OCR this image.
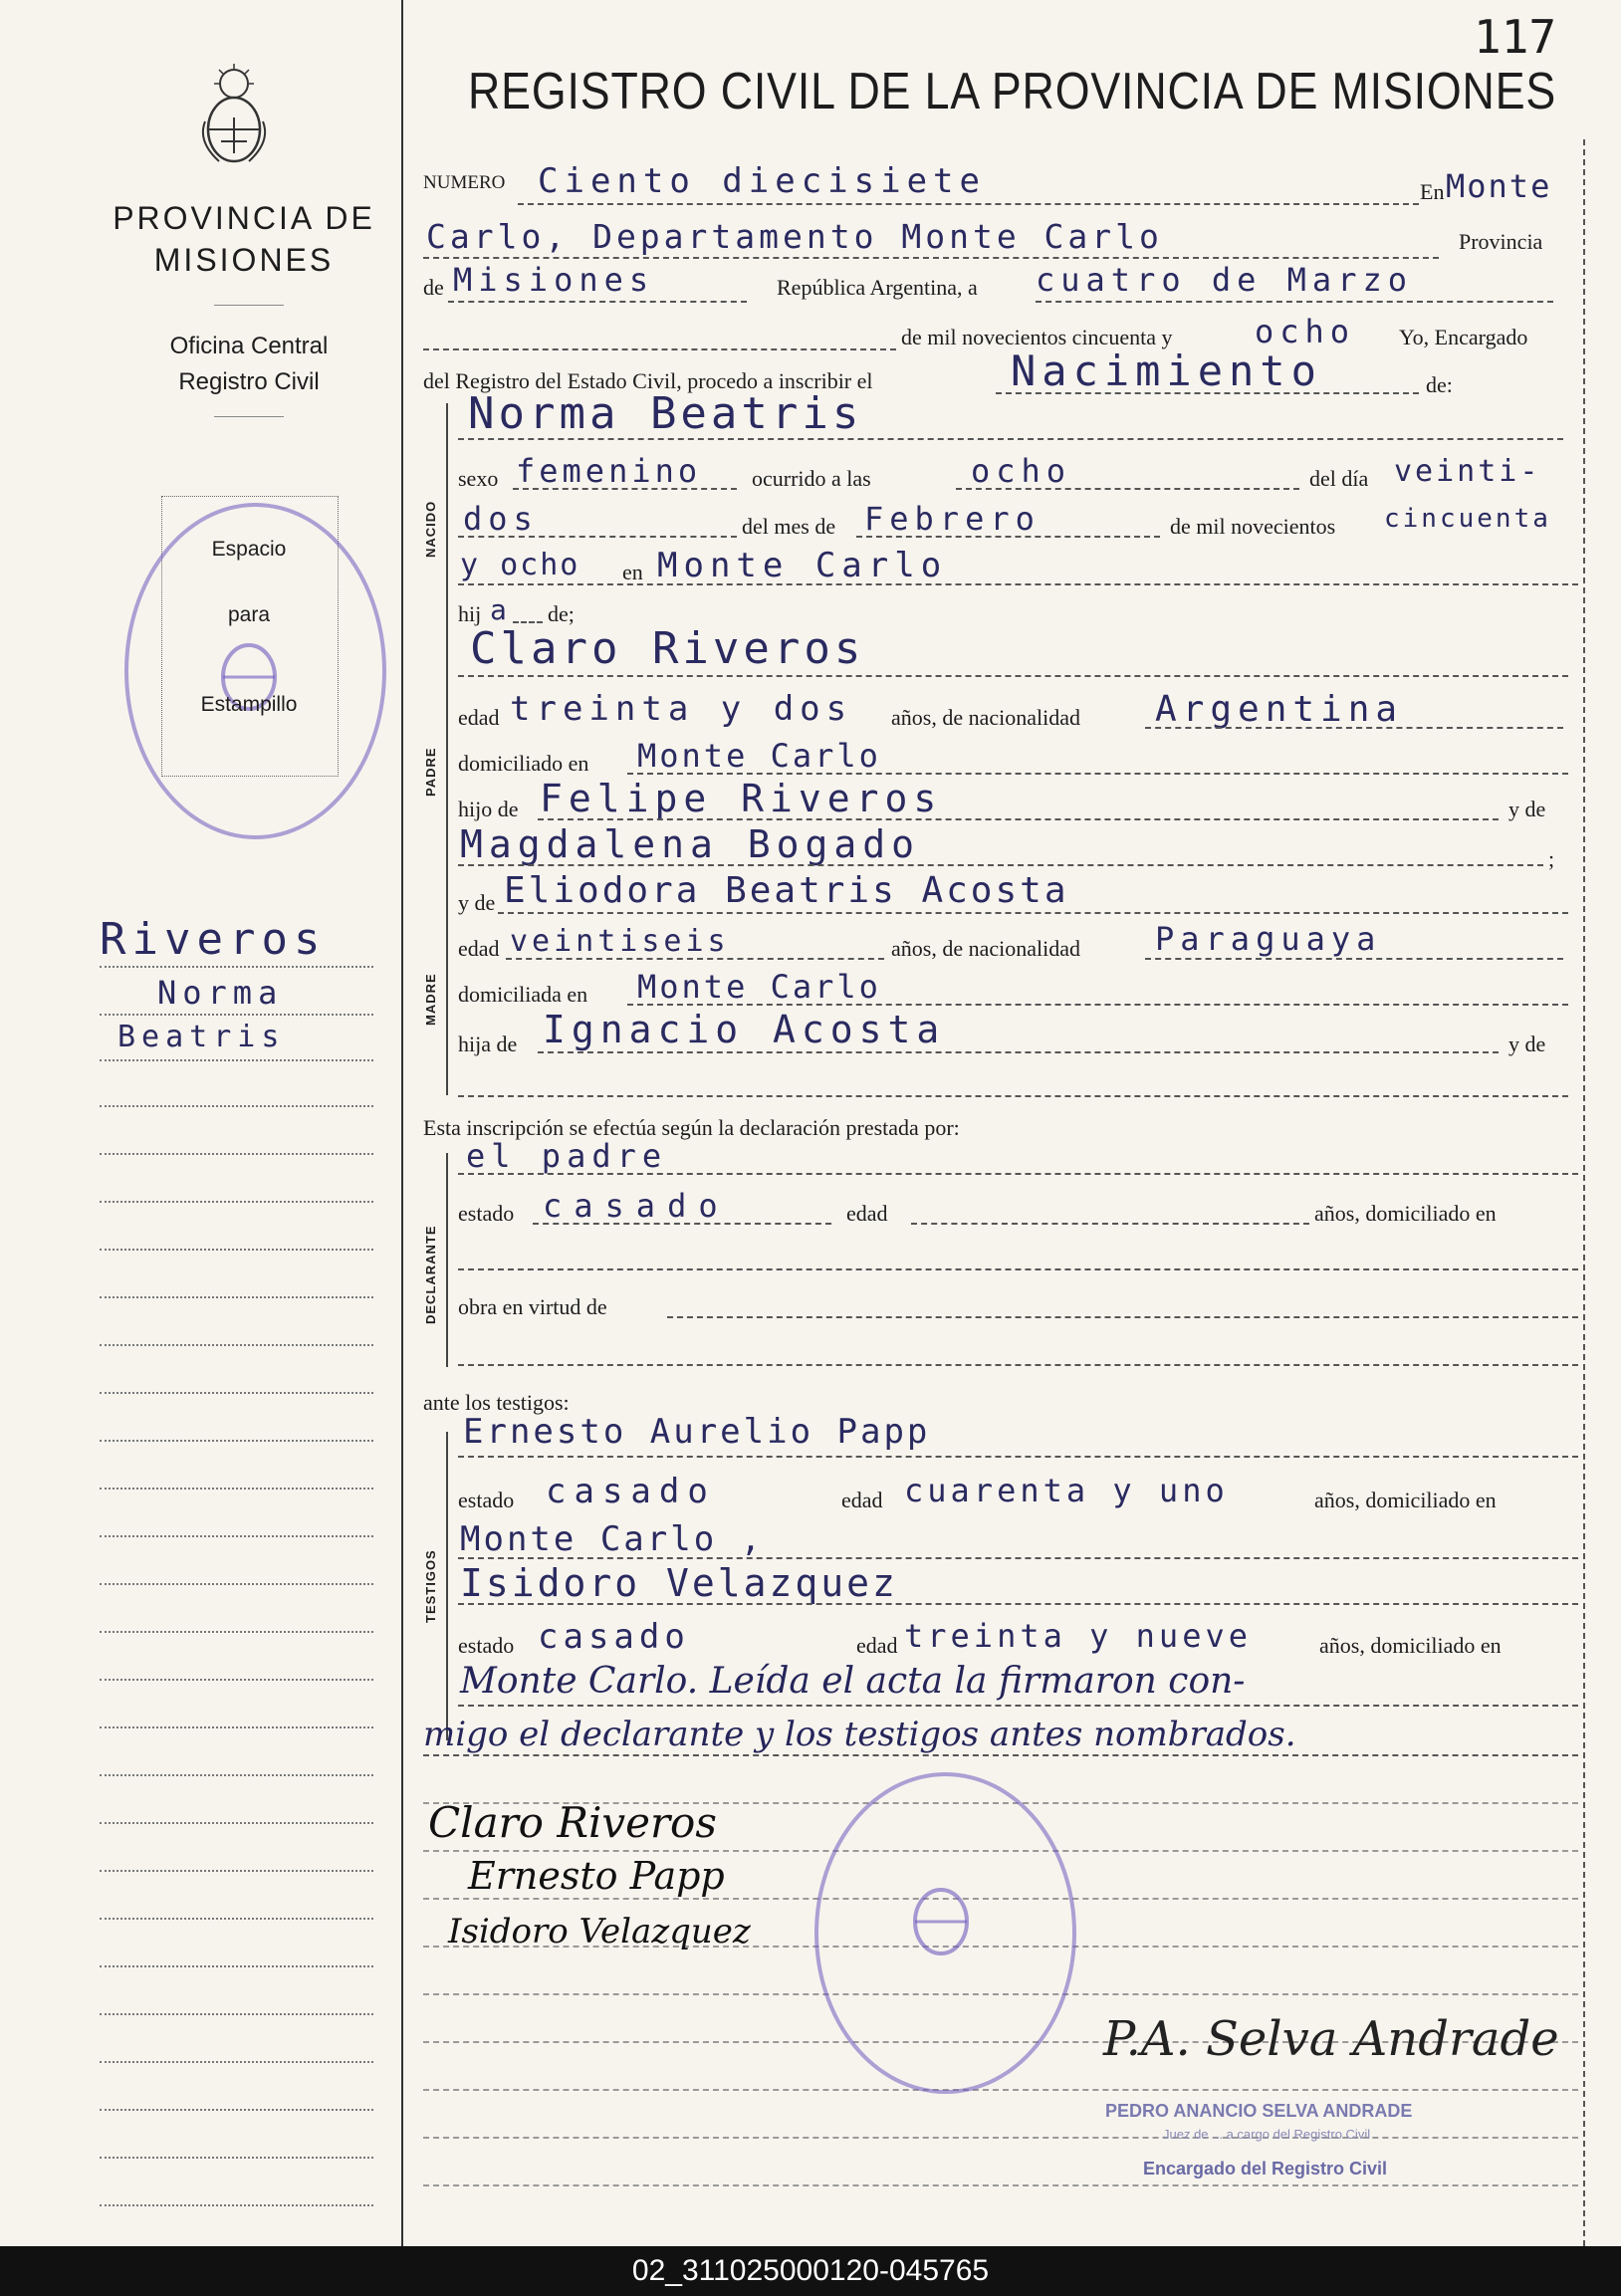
PROVINCIA DE MISIONES
Oficina Central
Registro Civil
Espacio
para
Estampillo
Riveros
Norma
Beatris
117
REGISTRO CIVIL DE LA PROVINCIA DE MISIONES
NUMERO Ciento diecisiete	En Monte
Carlo, Departamento Monte Carlo	Provincia
de Misiones	República Argentina, a cuatro de Marzo
de mil novecientos cincuenta y	ocho Yo, Encargado
del Registro del Estado Civil, procedo a inscribir el	Nacimiento	de:
NACIDO
Norma Beatris
sexo femenino ocurrido a las	ocho	del día veinti-
dos	del mes de Febrero	de mil novecientos cincuenta
y ocho en Monte Carlo
hij a de;
PADRE
Claro Riveros
edad treinta y dos años, de nacionalidad Argentina
domiciliado en Monte Carlo
hijo de Felipe Riveros	y de
Magdalena Bogado	;
MADRE
y de Eliodora Beatris Acosta
edad veintiseis	años, de nacionalidad Paraguaya
domiciliada en Monte Carlo
hija de Ignacio Acosta	y de
Esta inscripción se efectúa según la declaración prestada por:
DECLARANTE
el padre
estado casado	edad	años, domiciliado en
obra en virtud de
ante los testigos:
TESTIGOS
Ernesto Aurelio Papp
estado casado	edad cuarenta y uno	años, domiciliado en
Monte Carlo ,
Isidoro Velazquez
estado casado	edad treinta y nueve	años, domiciliado en
Monte Carlo. Leída el acta la firmaron con-
migo el declarante y los testigos antes nombrados.
Claro Riveros
Ernesto Papp
Isidoro Velazquez
P.A. Selva Andrade
PEDRO ANANCIO SELVA ANDRADE
Juez de ... a cargo del Registro Civil
Encargado del Registro Civil
02_311025000120-045765
